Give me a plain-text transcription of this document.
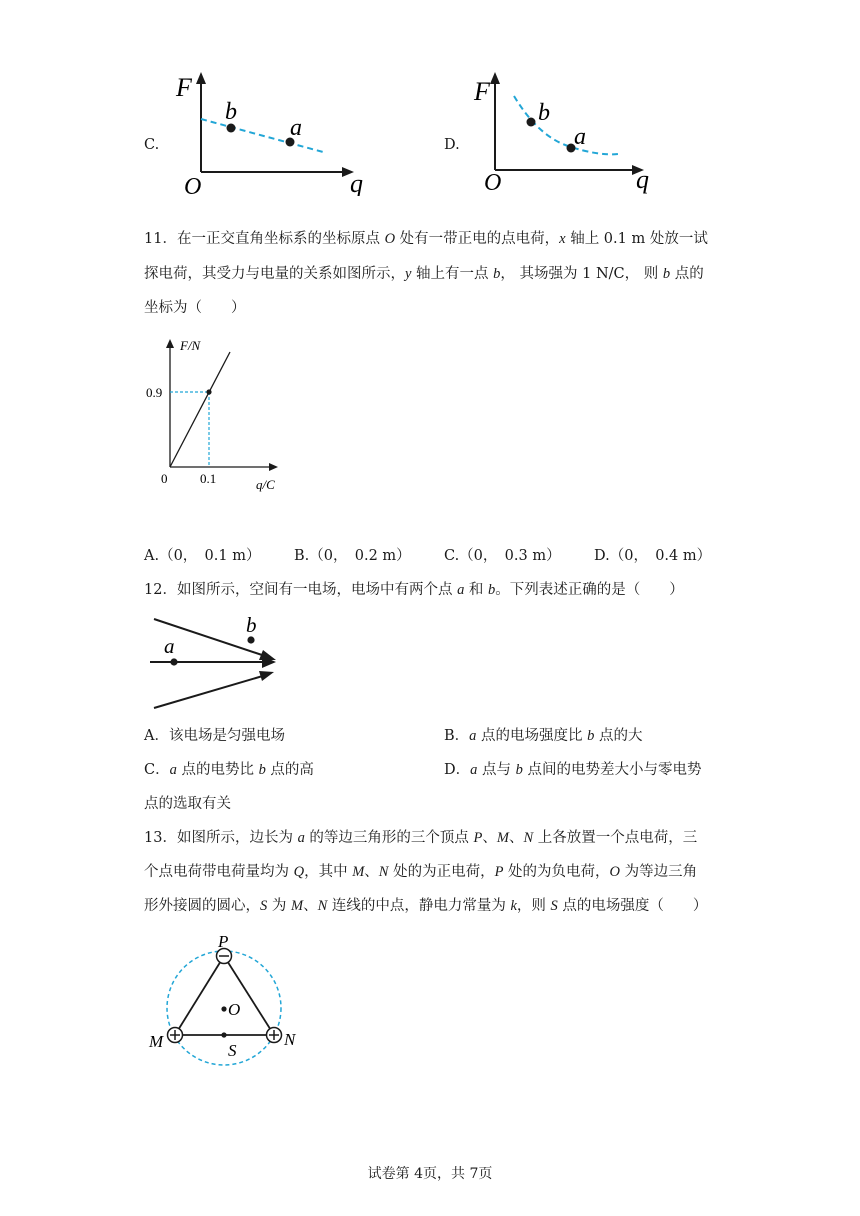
C.
F
q
O
b
a
D.
F
q
O
b
a
11．在一正交直角坐标系的坐标原点 O 处有一带正电的点电荷，x 轴上 0.1 m 处放一试
探电荷，其受力与电量的关系如图所示，y 轴上有一点 b， 其场强为 1 N/C， 则 b 点的
坐标为（　　）
F/N
q/C
0
0.9
0.1
A.（0，　0.1 m） B.（0，　0.2 m） C.（0，　0.3 m） D.（0，　0.4 m）
12．如图所示，空间有一电场，电场中有两个点 a 和 b。下列表述正确的是（　　）
a
b
A．该电场是匀强电场	B．a 点的电场强度比 b 点的大
C．a 点的电势比 b 点的高	D．a 点与 b 点间的电势差大小与零电势
点的选取有关
13．如图所示，边长为 a 的等边三角形的三个顶点 P、M、N 上各放置一个点电荷，三
个点电荷带电荷量均为 Q，其中 M、N 处的为正电荷，P 处的为负电荷，O 为等边三角
形外接圆的圆心，S 为 M、N 连线的中点，静电力常量为 k，则 S 点的电场强度（　　）
P
M	N
O
S
试卷第 4页，共 7页
